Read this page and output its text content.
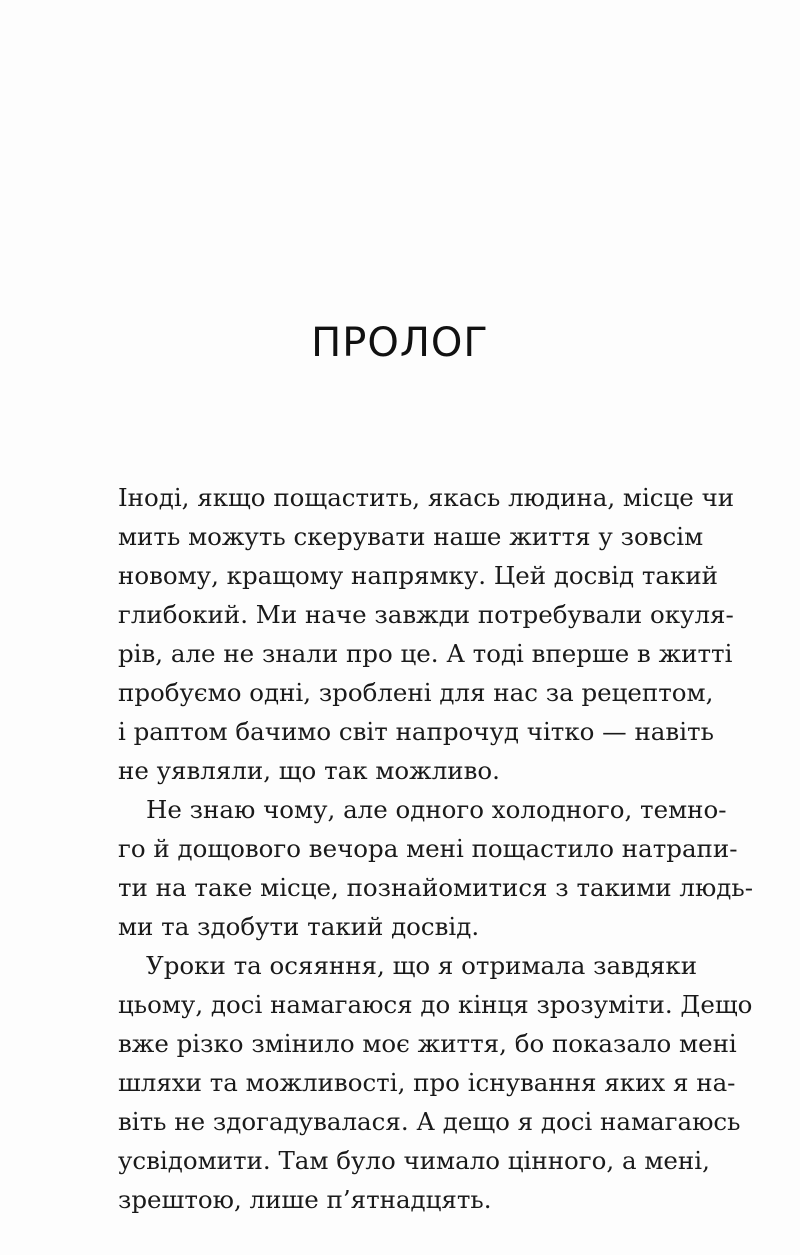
ПРОЛОГ
Іноді, якщо пощастить, якась людина, місце чи
мить можуть скерувати наше життя у зовсім
новому, кращому напрямку. Цей досвід такий
глибокий. Ми наче завжди потребували окуля-
рів, але не знали про це. А тоді вперше в житті
пробуємо одні, зроблені для нас за рецептом,
і раптом бачимо світ напрочуд чітко — навіть
не уявляли, що так можливо.
Не знаю чому, але одного холодного, темно-
го й дощового вечора мені пощастило натрапи-
ти на таке місце, познайомитися з такими людь-
ми та здобути такий досвід.
Уроки та осяяння, що я отримала завдяки
цьому, досі намагаюся до кінця зрозуміти. Дещо
вже різко змінило моє життя, бо показало мені
шляхи та можливості, про існування яких я на-
віть не здогадувалася. А дещо я досі намагаюсь
усвідомити. Там було чимало цінного, а мені,
зрештою, лише п’ятнадцять.
